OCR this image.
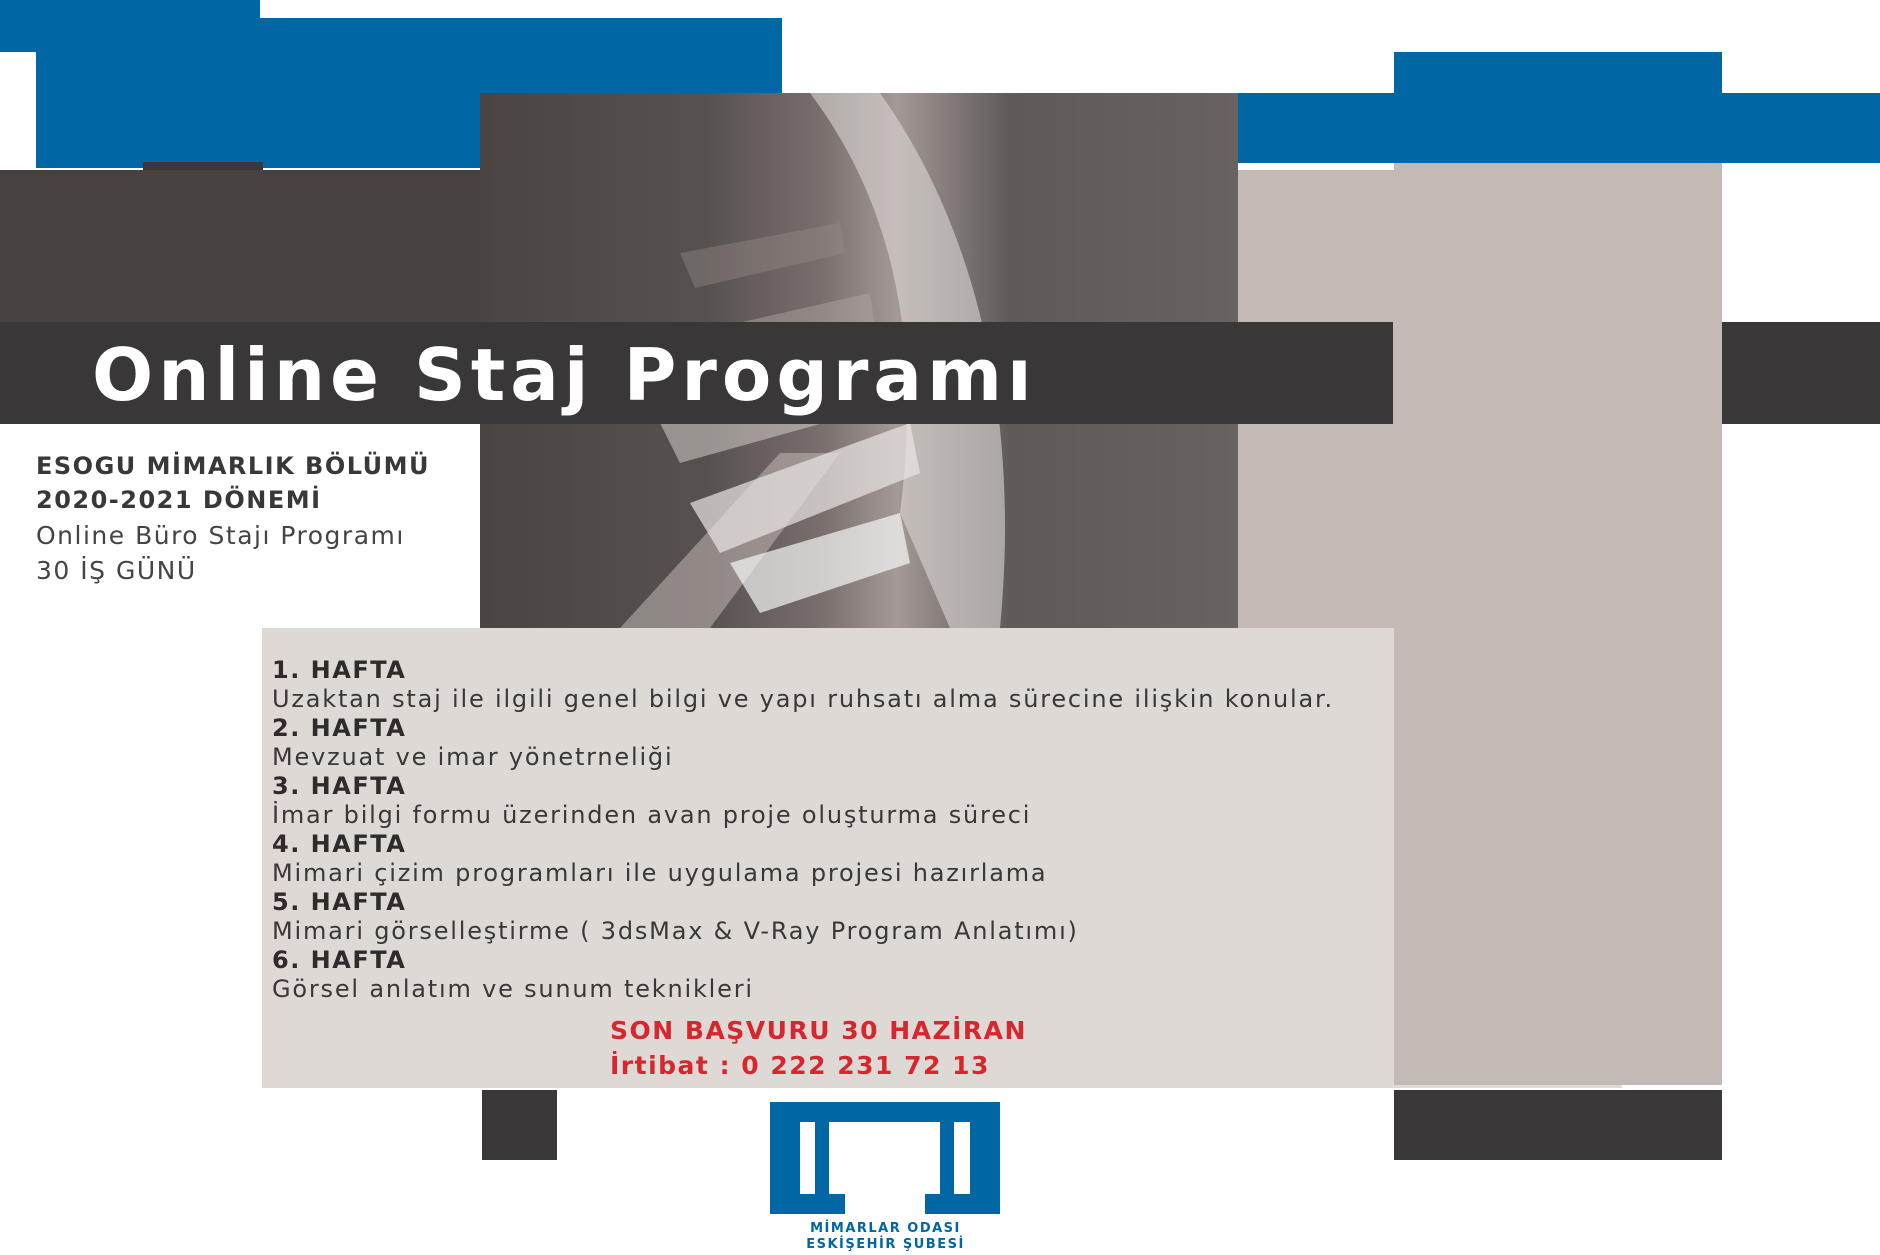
Online Staj Programı
ESOGU MİMARLIK BÖLÜMÜ
2020-2021 DÖNEMİ
Online Büro Stajı Programı
30 İŞ GÜNÜ
1. HAFTA
Uzaktan staj ile ilgili genel bilgi ve yapı ruhsatı alma sürecine ilişkin konular.
2. HAFTA
Mevzuat ve imar yönetrneliği
3. HAFTA
İmar bilgi formu üzerinden avan proje oluşturma süreci
4. HAFTA
Mimari çizim programları ile uygulama projesi hazırlama
5. HAFTA
Mimari görselleştirme ( 3dsMax & V-Ray Program Anlatımı)
6. HAFTA
Görsel anlatım ve sunum teknikleri
SON BAŞVURU 30 HAZİRAN
İrtibat : 0 222 231 72 13
MİMARLAR ODASI
ESKİŞEHİR ŞUBESİ
